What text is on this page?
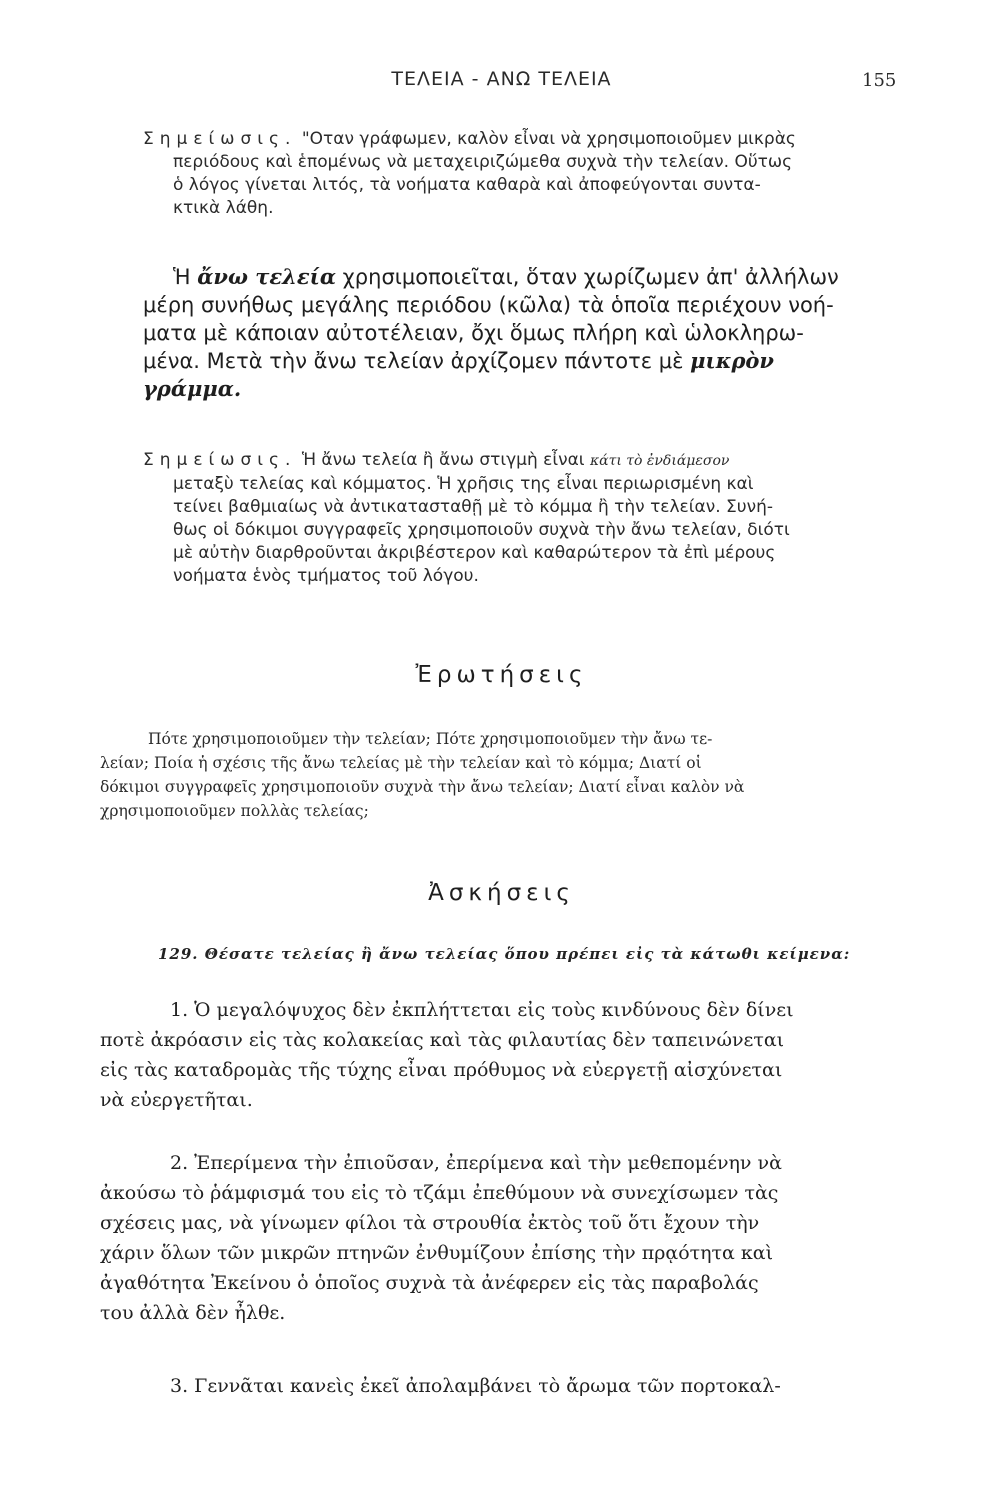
ΤΕΛΕΙΑ - ΑΝΩ ΤΕΛΕΙΑ	155
Σημείωσις. "Οταν γράφωμεν, καλὸν εἶναι νὰ χρησιμοποιοῦμεν μικρὰς
περιόδους καὶ ἑπομένως νὰ μεταχειριζώμεθα συχνὰ τὴν τελείαν. Οὕτως
ὁ λόγος γίνεται λιτός, τὰ νοήματα καθαρὰ καὶ ἀποφεύγονται συντα-
κτικὰ λάθη.
Ἡ ἄνω τελεία χρησιμοποιεῖται, ὅταν χωρίζωμεν ἀπ' ἀλλήλων
μέρη συνήθως μεγάλης περιόδου (κῶλα) τὰ ὁποῖα περιέχουν νοή-
ματα μὲ κάποιαν αὐτοτέλειαν, ὄχι ὅμως πλήρη καὶ ὡλοκληρω-
μένα. Μετὰ τὴν ἄνω τελείαν ἀρχίζομεν πάντοτε μὲ μικρὸν
γράμμα.
Σημείωσις. Ἡ ἄνω τελεία ἢ ἄνω στιγμὴ εἶναι κάτι τὸ ἐνδιάμεσον
μεταξὺ τελείας καὶ κόμματος. Ἡ χρῆσις της εἶναι περιωρισμένη καὶ
τείνει βαθμιαίως νὰ ἀντικατασταθῇ μὲ τὸ κόμμα ἢ τὴν τελείαν. Συνή-
θως οἱ δόκιμοι συγγραφεῖς χρησιμοποιοῦν συχνὰ τὴν ἄνω τελείαν, διότι
μὲ αὐτὴν διαρθροῦνται ἀκριβέστερον καὶ καθαρώτερον τὰ ἐπὶ μέρους
νοήματα ἑνὸς τμήματος τοῦ λόγου.
Ἐρωτήσεις
Πότε χρησιμοποιοῦμεν τὴν τελείαν; Πότε χρησιμοποιοῦμεν τὴν ἄνω τε-
λείαν; Ποία ἡ σχέσις τῆς ἄνω τελείας μὲ τὴν τελείαν καὶ τὸ κόμμα; Διατί οἱ
δόκιμοι συγγραφεῖς χρησιμοποιοῦν συχνὰ τὴν ἄνω τελείαν; Διατί εἶναι καλὸν νὰ
χρησιμοποιοῦμεν πολλὰς τελείας;
Ἀσκήσεις
129. Θέσατε τελείας ἢ ἄνω τελείας ὅπου πρέπει εἰς τὰ κάτωθι κείμενα:
1. Ὁ μεγαλόψυχος δὲν ἐκπλήττεται εἰς τοὺς κινδύνους δὲν δίνει
ποτὲ ἀκρόασιν εἰς τὰς κολακείας καὶ τὰς φιλαυτίας δὲν ταπεινώνεται
εἰς τὰς καταδρομὰς τῆς τύχης εἶναι πρόθυμος νὰ εὐεργετῇ αἰσχύνεται
νὰ εὐεργετῆται.
2. Ἐπερίμενα τὴν ἐπιοῦσαν, ἐπερίμενα καὶ τὴν μεθεπομένην νὰ
ἀκούσω τὸ ῥάμφισμά του εἰς τὸ τζάμι ἐπεθύμουν νὰ συνεχίσωμεν τὰς
σχέσεις μας, νὰ γίνωμεν φίλοι τὰ στρουθία ἐκτὸς τοῦ ὅτι ἔχουν τὴν
χάριν ὅλων τῶν μικρῶν πτηνῶν ἐνθυμίζουν ἐπίσης τὴν πρᾳότητα καὶ
ἀγαθότητα Ἐκείνου ὁ ὁποῖος συχνὰ τὰ ἀνέφερεν εἰς τὰς παραβολάς
του ἀλλὰ δὲν ἦλθε.
3. Γεννᾶται κανεὶς ἐκεῖ ἀπολαμβάνει τὸ ἄρωμα τῶν πορτοκαλ-
